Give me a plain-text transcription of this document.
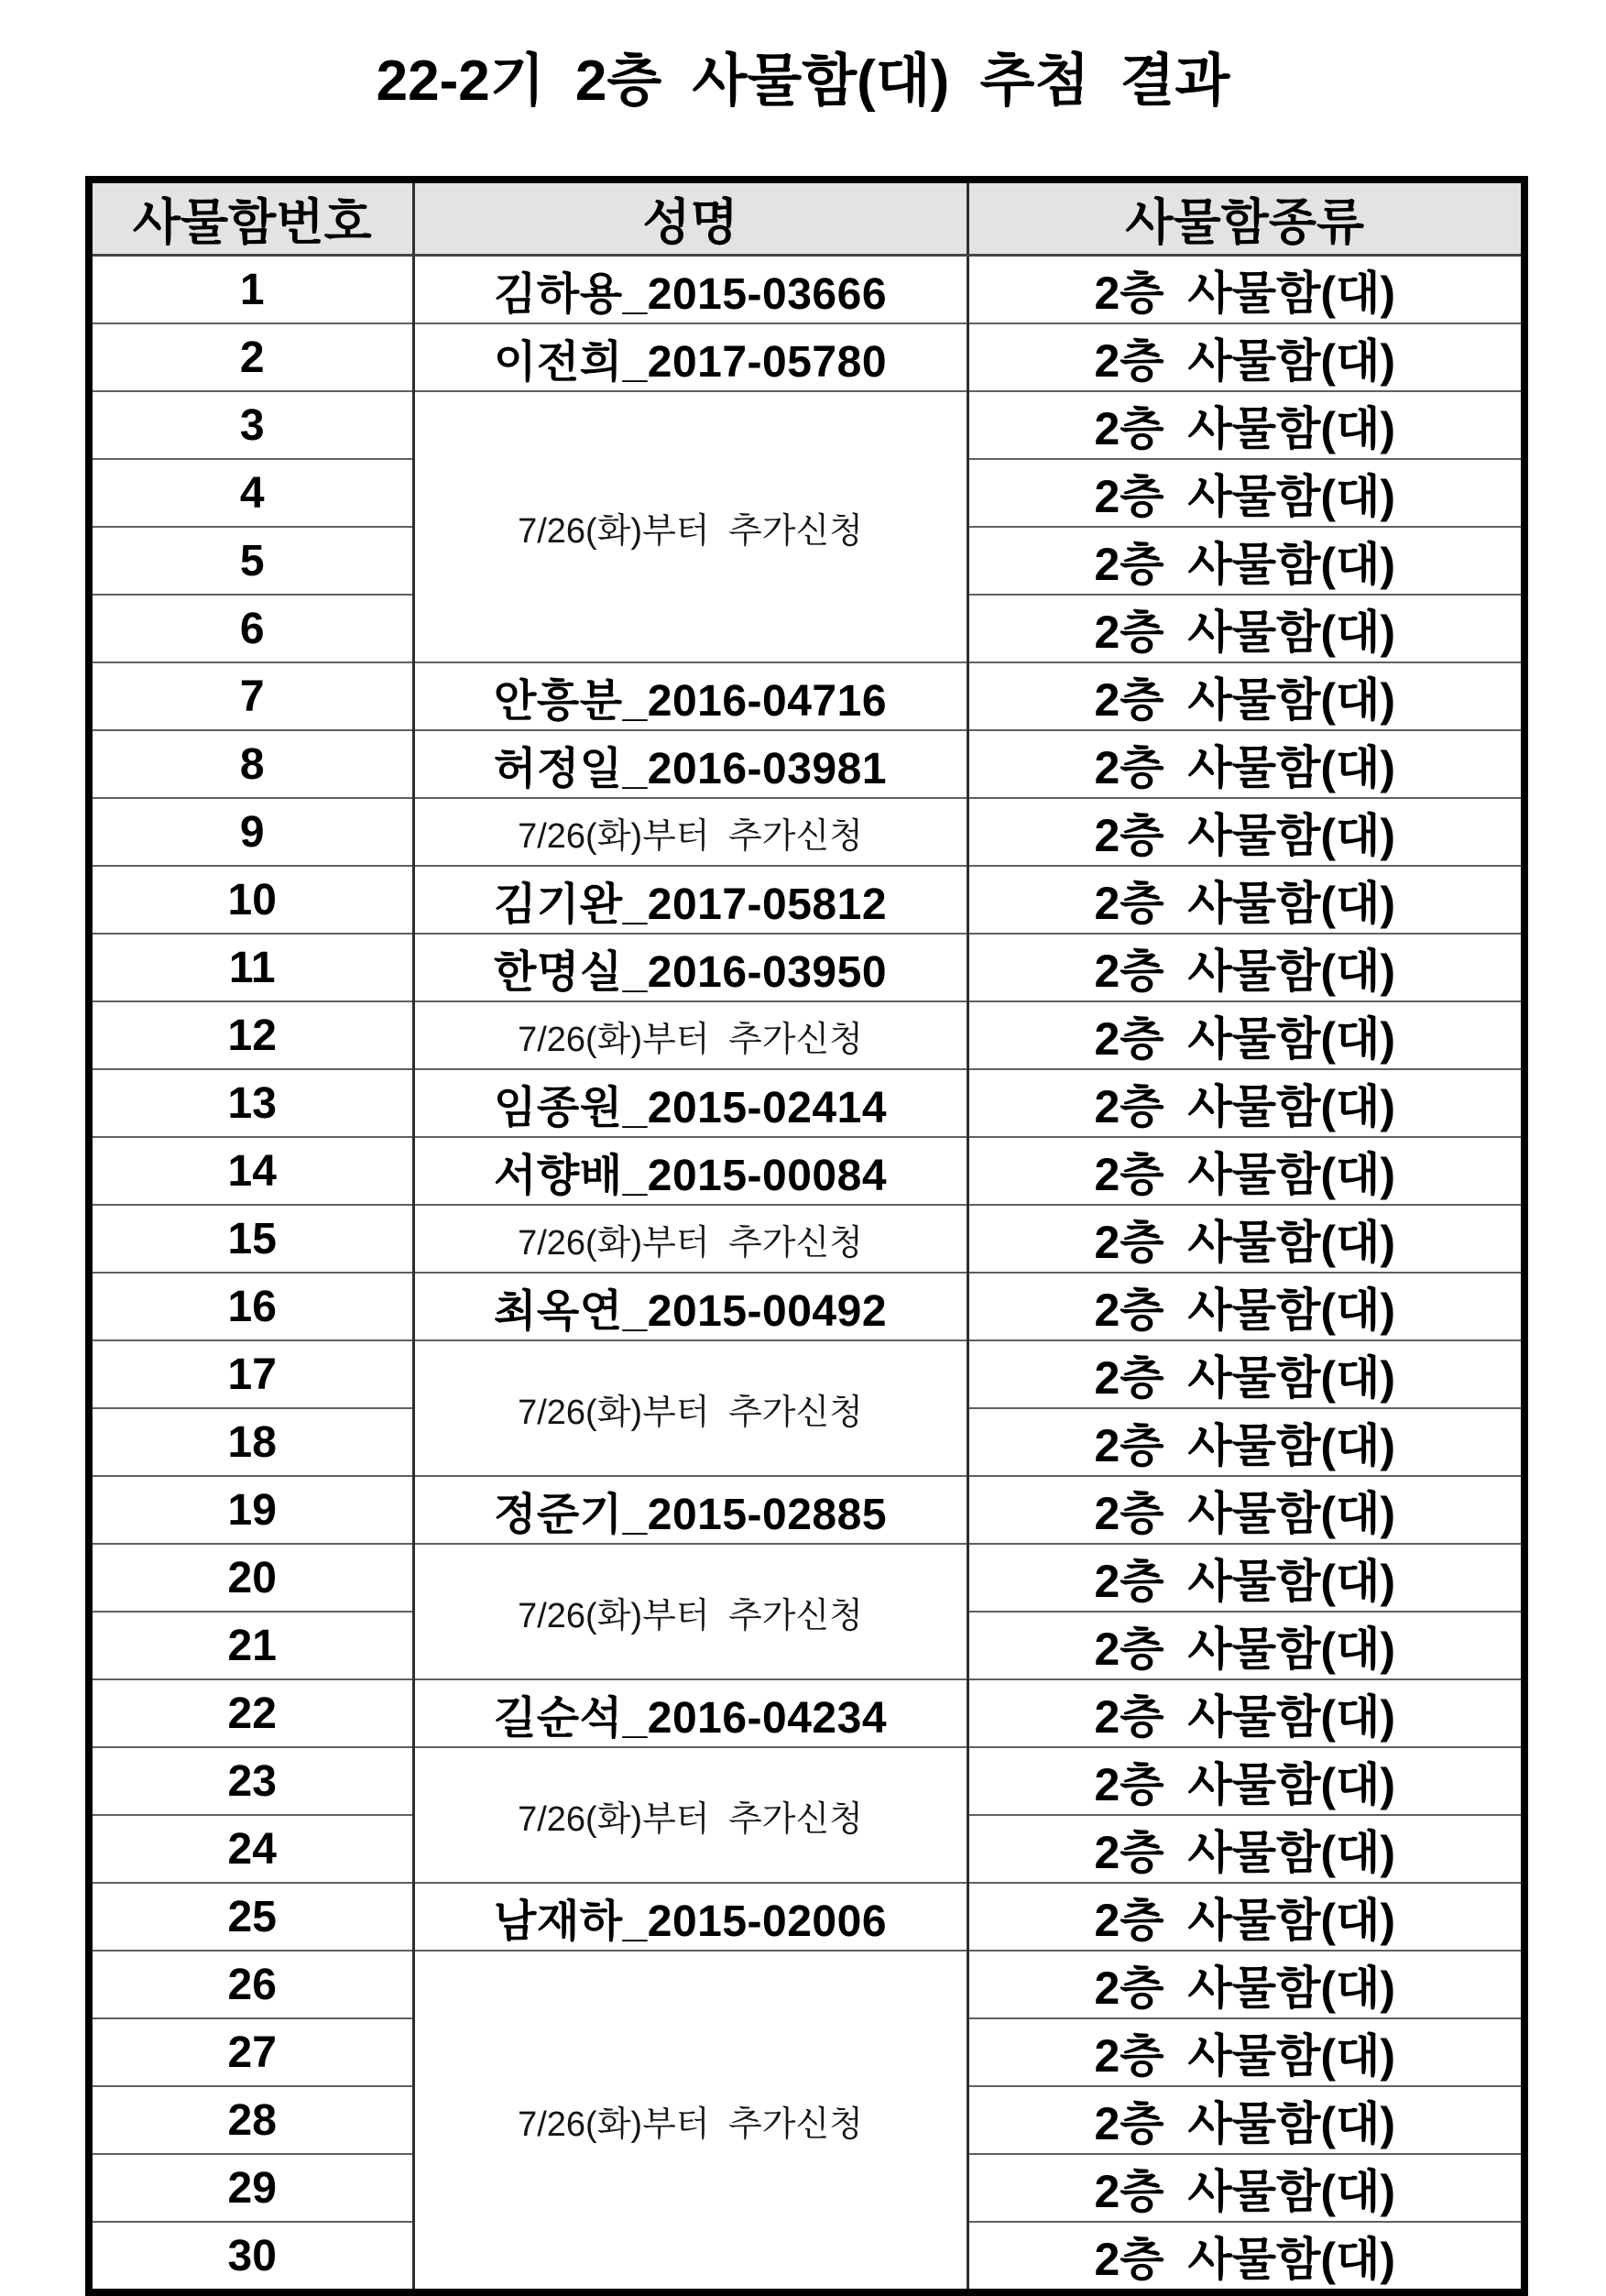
22-2기 2층 사물함(대) 추첨 결과
사물함번호	성명	사물함종류
1	김하용_2015-03666	2층 사물함(대)
2	이전희_2017-05780	2층 사물함(대)
3	7/26(화)부터 추가신청	2층 사물함(대)
4		2층 사물함(대)
5		2층 사물함(대)
6		2층 사물함(대)
7	안흥분_2016-04716	2층 사물함(대)
8	허정일_2016-03981	2층 사물함(대)
9	7/26(화)부터 추가신청	2층 사물함(대)
10	김기완_2017-05812	2층 사물함(대)
11	한명실_2016-03950	2층 사물함(대)
12	7/26(화)부터 추가신청	2층 사물함(대)
13	임종원_2015-02414	2층 사물함(대)
14	서향배_2015-00084	2층 사물함(대)
15	7/26(화)부터 추가신청	2층 사물함(대)
16	최옥연_2015-00492	2층 사물함(대)
17	7/26(화)부터 추가신청	2층 사물함(대)
18		2층 사물함(대)
19	정준기_2015-02885	2층 사물함(대)
20	7/26(화)부터 추가신청	2층 사물함(대)
21		2층 사물함(대)
22	길순석_2016-04234	2층 사물함(대)
23	7/26(화)부터 추가신청	2층 사물함(대)
24		2층 사물함(대)
25	남재하_2015-02006	2층 사물함(대)
26	7/26(화)부터 추가신청	2층 사물함(대)
27		2층 사물함(대)
28		2층 사물함(대)
29		2층 사물함(대)
30		2층 사물함(대)
